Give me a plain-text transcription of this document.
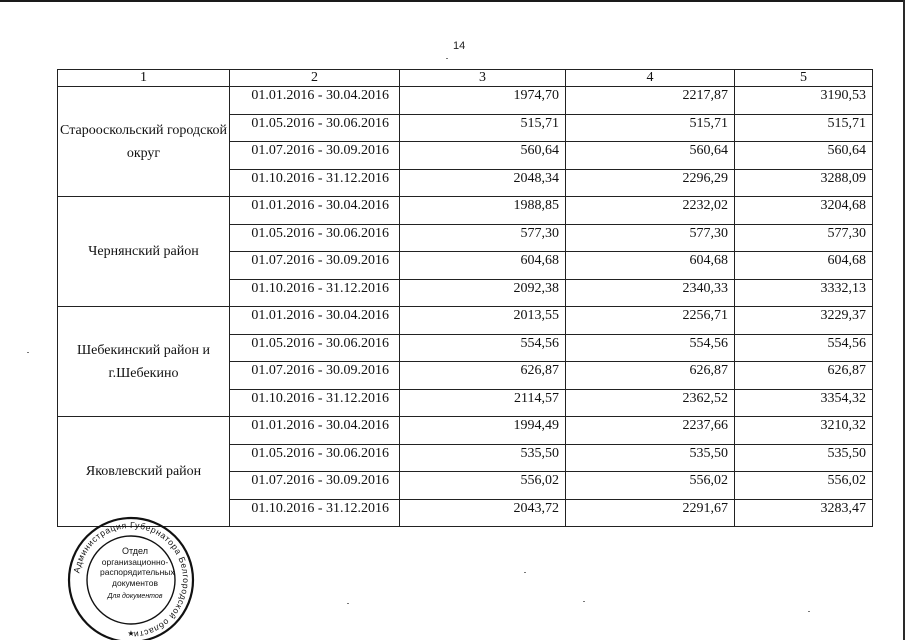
14
1	2	3	4	5
Старооскольский городской округ	01.01.2016 - 30.04.2016	1974,70	2217,87	3190,53
	01.05.2016 - 30.06.2016	515,71	515,71	515,71
	01.07.2016 - 30.09.2016	560,64	560,64	560,64
	01.10.2016 - 31.12.2016	2048,34	2296,29	3288,09
Чернянский район	01.01.2016 - 30.04.2016	1988,85	2232,02	3204,68
	01.05.2016 - 30.06.2016	577,30	577,30	577,30
	01.07.2016 - 30.09.2016	604,68	604,68	604,68
	01.10.2016 - 31.12.2016	2092,38	2340,33	3332,13
Шебекинский район и г.Шебекино	01.01.2016 - 30.04.2016	2013,55	2256,71	3229,37
	01.05.2016 - 30.06.2016	554,56	554,56	554,56
	01.07.2016 - 30.09.2016	626,87	626,87	626,87
	01.10.2016 - 31.12.2016	2114,57	2362,52	3354,32
Яковлевский район	01.01.2016 - 30.04.2016	1994,49	2237,66	3210,32
	01.05.2016 - 30.06.2016	535,50	535,50	535,50
	01.07.2016 - 30.09.2016	556,02	556,02	556,02
	01.10.2016 - 31.12.2016	2043,72	2291,67	3283,47
Администрация Губернатора Белгородской области
★
Отдел
организационно-
распорядительных
документов
Для документов
